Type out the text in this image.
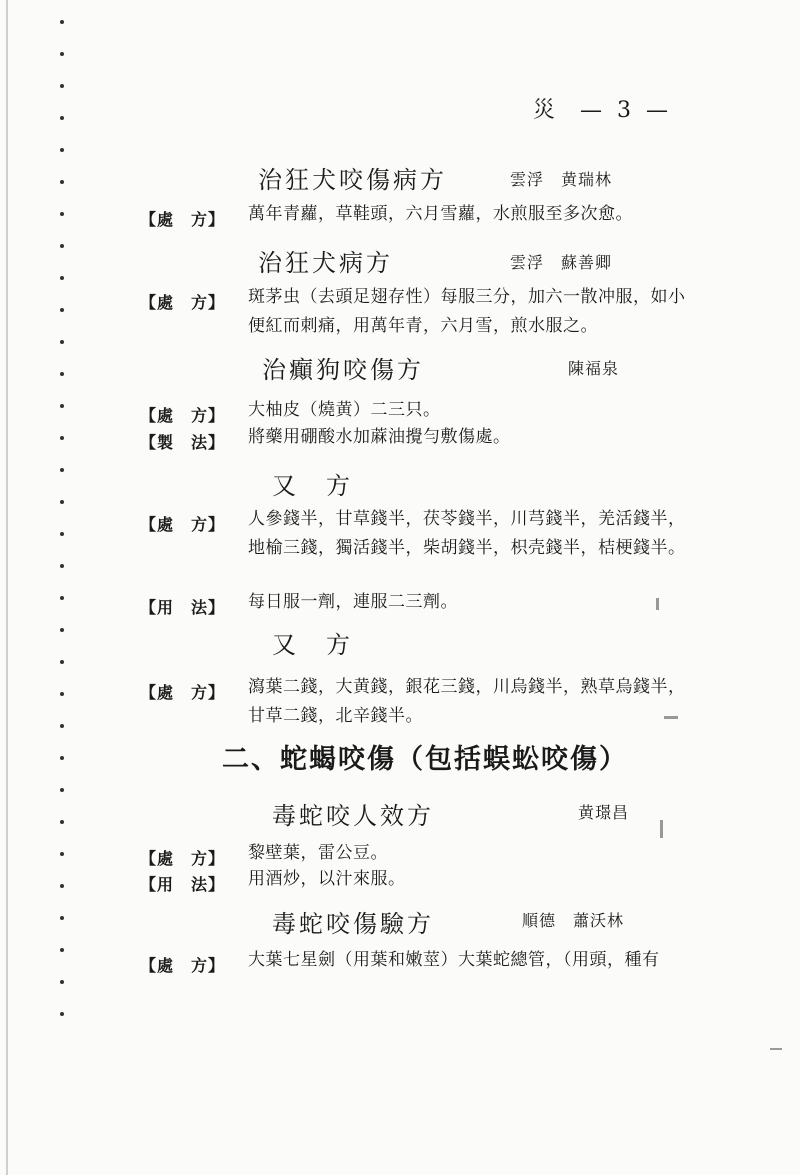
災 — 3 —
治狂犬咬傷病方	雲浮　黄瑞林
【處　方】 萬年青蘿，草鞋頭，六月雪蘿，水煎服至多次愈。
治狂犬病方	雲浮　蘇善卿
【處　方】 斑茅虫（去頭足翅存性）每服三分，加六一散冲服，如小便紅而刺痛，用萬年青，六月雪，煎水服之。
治癲狗咬傷方	陳福泉
【處　方】 大柚皮（燒黄）二三只。
【製　法】 將藥用硼酸水加蔴油攪勻敷傷處。
又　方
【處　方】 人參錢半，甘草錢半，茯苓錢半，川芎錢半，羌活錢半，地榆三錢，獨活錢半，柴胡錢半，枳壳錢半，桔梗錢半。
【用　法】 每日服一劑，連服二三劑。
又　方
【處　方】 瀉葉二錢，大黄錢，銀花三錢，川烏錢半，熟草烏錢半，甘草二錢，北辛錢半。
二、蛇蝎咬傷（包括蜈蚣咬傷）
毒蛇咬人效方	黄璟昌
【處　方】 黎壁葉，雷公豆。
【用　法】 用酒炒，以汁來服。
毒蛇咬傷驗方	順德　蕭沃林
【處　方】 大葉七星劍（用葉和嫩莖）大葉蛇總管，（用頭，種有
